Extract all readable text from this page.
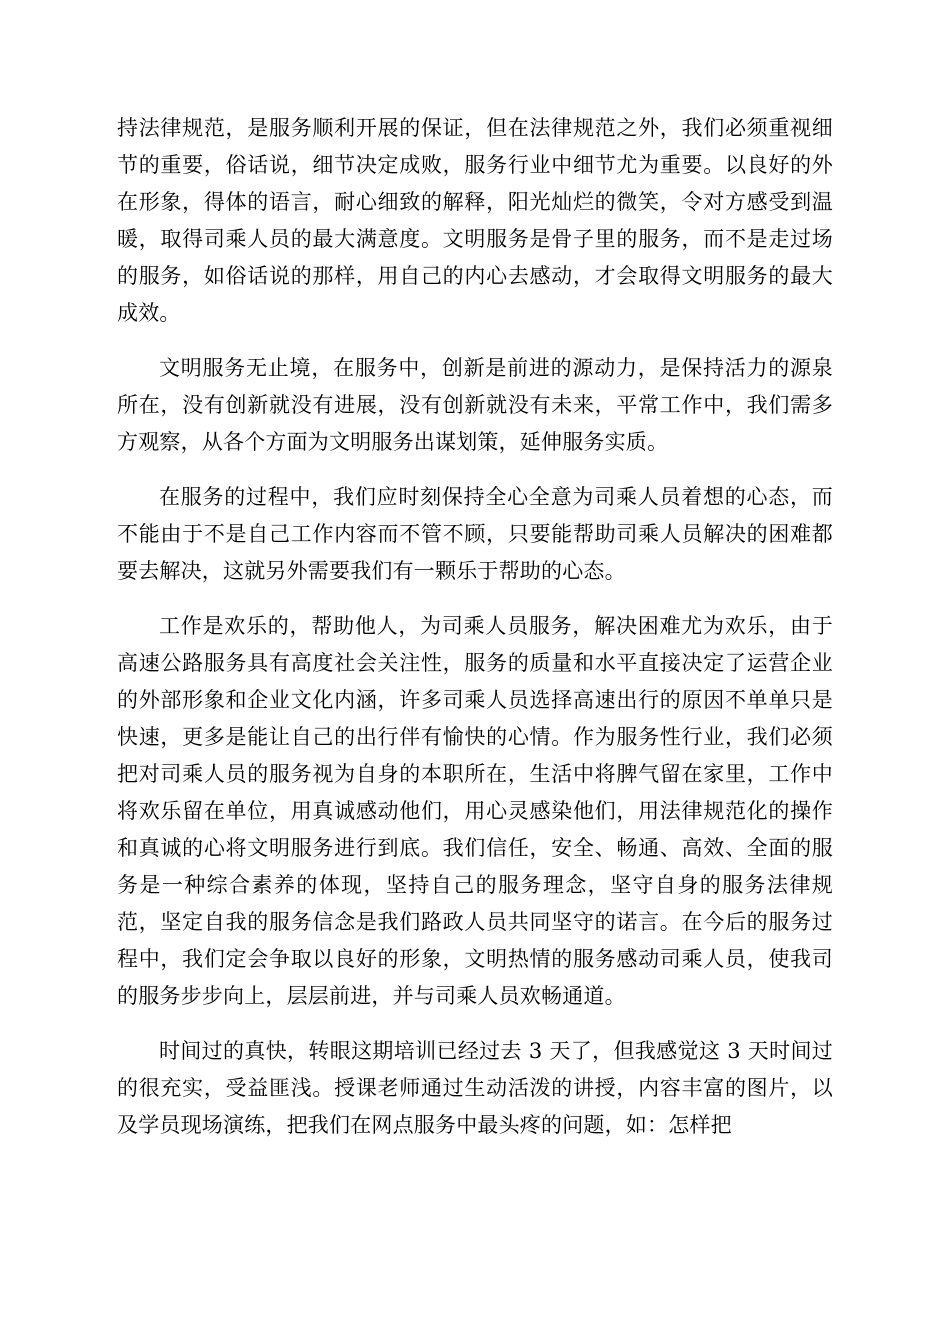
持法律规范，是服务顺利开展的保证，但在法律规范之外，我们必须重视细节的重要，俗话说，细节决定成败，服务行业中细节尤为重要。以良好的外在形象，得体的语言，耐心细致的解释，阳光灿烂的微笑，令对方感受到温暖，取得司乘人员的最大满意度。文明服务是骨子里的服务，而不是走过场的服务，如俗话说的那样，用自己的内心去感动，才会取得文明服务的最大成效。

文明服务无止境，在服务中，创新是前进的源动力，是保持活力的源泉所在，没有创新就没有进展，没有创新就没有未来，平常工作中，我们需多方观察，从各个方面为文明服务出谋划策，延伸服务实质。

在服务的过程中，我们应时刻保持全心全意为司乘人员着想的心态，而不能由于不是自己工作内容而不管不顾，只要能帮助司乘人员解决的困难都要去解决，这就另外需要我们有一颗乐于帮助的心态。

工作是欢乐的，帮助他人，为司乘人员服务，解决困难尤为欢乐，由于高速公路服务具有高度社会关注性，服务的质量和水平直接决定了运营企业的外部形象和企业文化内涵，许多司乘人员选择高速出行的原因不单单只是快速，更多是能让自己的出行伴有愉快的心情。作为服务性行业，我们必须把对司乘人员的服务视为自身的本职所在，生活中将脾气留在家里，工作中将欢乐留在单位，用真诚感动他们，用心灵感染他们，用法律规范化的操作和真诚的心将文明服务进行到底。我们信任，安全、畅通、高效、全面的服务是一种综合素养的体现，坚持自己的服务理念，坚守自身的服务法律规范，坚定自我的服务信念是我们路政人员共同坚守的诺言。在今后的服务过程中，我们定会争取以良好的形象，文明热情的服务感动司乘人员，使我司的服务步步向上，层层前进，并与司乘人员欢畅通道。

时间过的真快，转眼这期培训已经过去 3 天了，但我感觉这 3 天时间过的很充实，受益匪浅。授课老师通过生动活泼的讲授，内容丰富的图片，以及学员现场演练，把我们在网点服务中最头疼的问题，如：怎样把
